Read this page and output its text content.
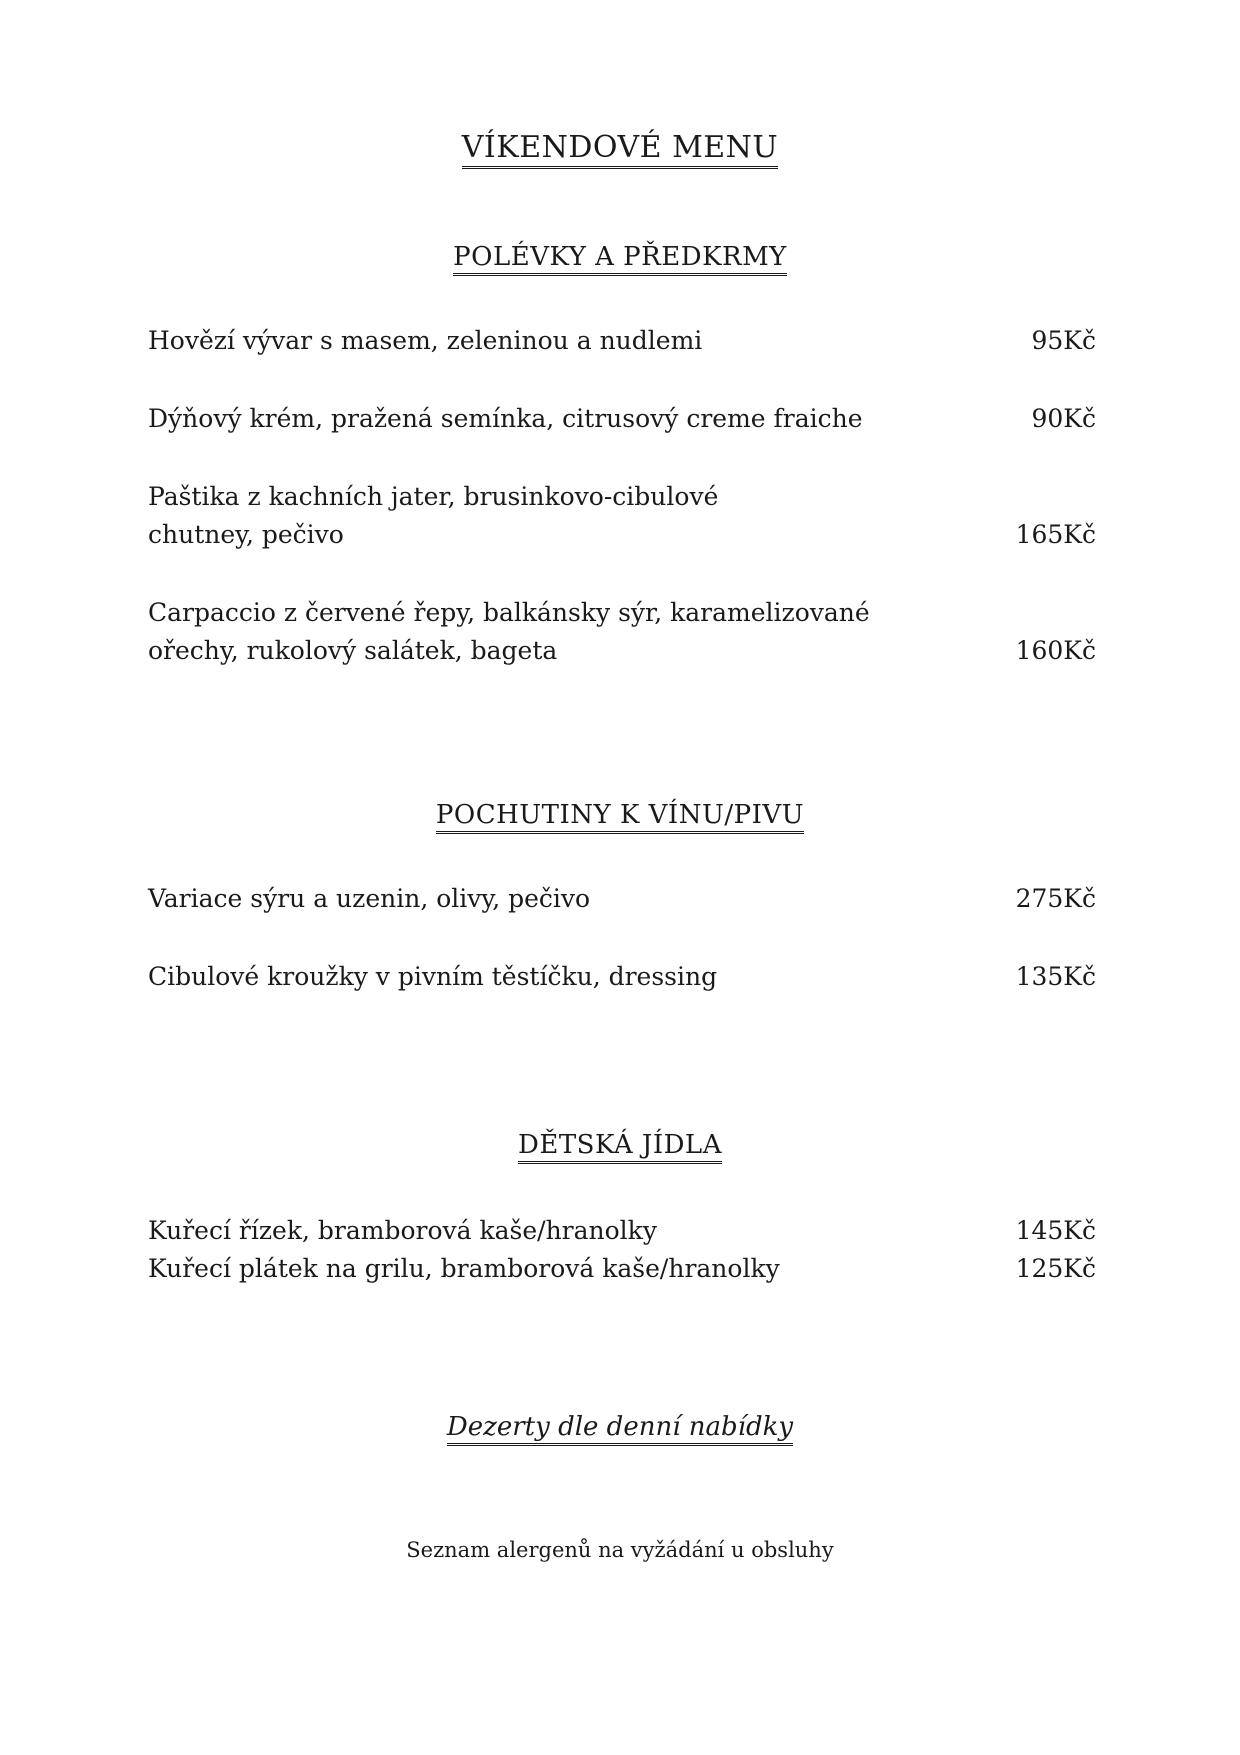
VÍKENDOVÉ MENU
POLÉVKY A PŘEDKRMY
Hovězí vývar s masem, zeleninou a nudlemi	95Kč
Dýňový krém, pražená semínka, citrusový creme fraiche	90Kč
Paštika z kachních jater, brusinkovo-cibulové
chutney, pečivo	165Kč
Carpaccio z červené řepy, balkánsky sýr, karamelizované
ořechy, rukolový salátek, bageta	160Kč
POCHUTINY K VÍNU/PIVU
Variace sýru a uzenin, olivy, pečivo	275Kč
Cibulové kroužky v pivním těstíčku, dressing	135Kč
DĚTSKÁ JÍDLA
Kuřecí řízek, bramborová kaše/hranolky	145Kč
Kuřecí plátek na grilu, bramborová kaše/hranolky	125Kč
Dezerty dle denní nabídky
Seznam alergenů na vyžádání u obsluhy
